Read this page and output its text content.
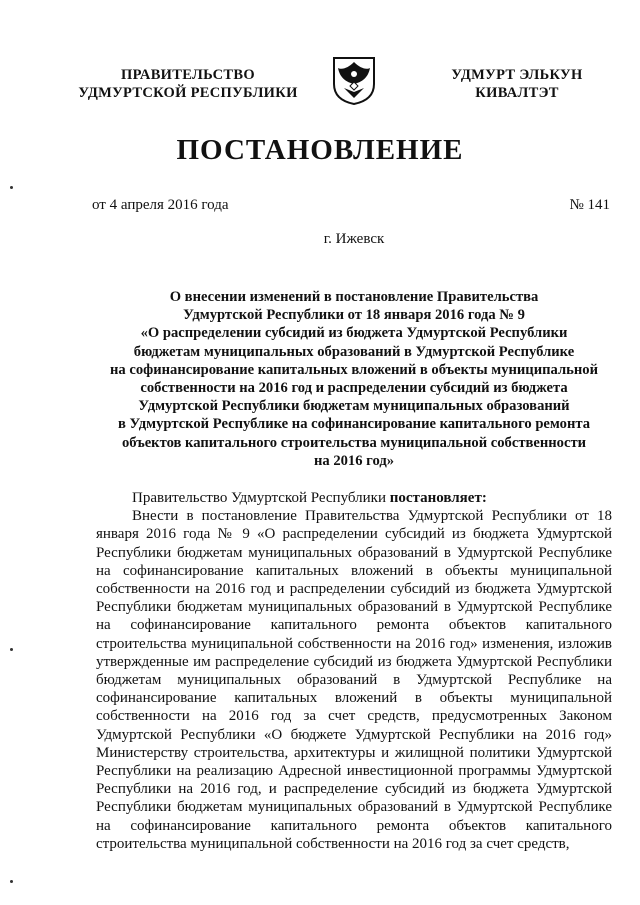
ПРАВИТЕЛЬСТВО
УДМУРТСКОЙ РЕСПУБЛИКИ
УДМУРТ ЭЛЬКУН
КИВАЛТЭТ
ПОСТАНОВЛЕНИЕ
от 4 апреля 2016 года	№ 141
г. Ижевск
О внесении изменений в постановление Правительства
Удмуртской Республики от 18 января 2016 года № 9
«О распределении субсидий из бюджета Удмуртской Республики
бюджетам муниципальных образований в Удмуртской Республике
на софинансирование капитальных вложений в объекты муниципальной
собственности на 2016 год и распределении субсидий из бюджета
Удмуртской Республики бюджетам муниципальных образований
в Удмуртской Республике на софинансирование капитального ремонта
объектов капитального строительства муниципальной собственности
на 2016 год»

Правительство Удмуртской Республики постановляет:

Внести в постановление Правительства Удмуртской Республики от 18 января 2016 года № 9 «О распределении субсидий из бюджета Удмуртской Республики бюджетам муниципальных образований в Удмуртской Республике на софинансирование капитальных вложений в объекты муниципальной собственности на 2016 год и распределении субсидий из бюджета Удмуртской Республики бюджетам муниципальных образований в Удмуртской Республике на софинансирование капитального ремонта объектов капитального строительства муниципальной собственности на 2016 год» изменения, изложив утвержденные им распределение субсидий из бюджета Удмуртской Республики бюджетам муниципальных образований в Удмуртской Республике на софинансирование капитальных вложений в объекты муниципальной собственности на 2016 год за счет средств, предусмотренных Законом Удмуртской Республики «О бюджете Удмуртской Республики на 2016 год» Министерству строительства, архитектуры и жилищной политики Удмуртской Республики на реализацию Адресной инвестиционной программы Удмуртской Республики на 2016 год, и распределение субсидий из бюджета Удмуртской Республики бюджетам муниципальных образований в Удмуртской Республике на софинансирование капитального ремонта объектов капитального строительства муниципальной собственности на 2016 год за счет средств,
